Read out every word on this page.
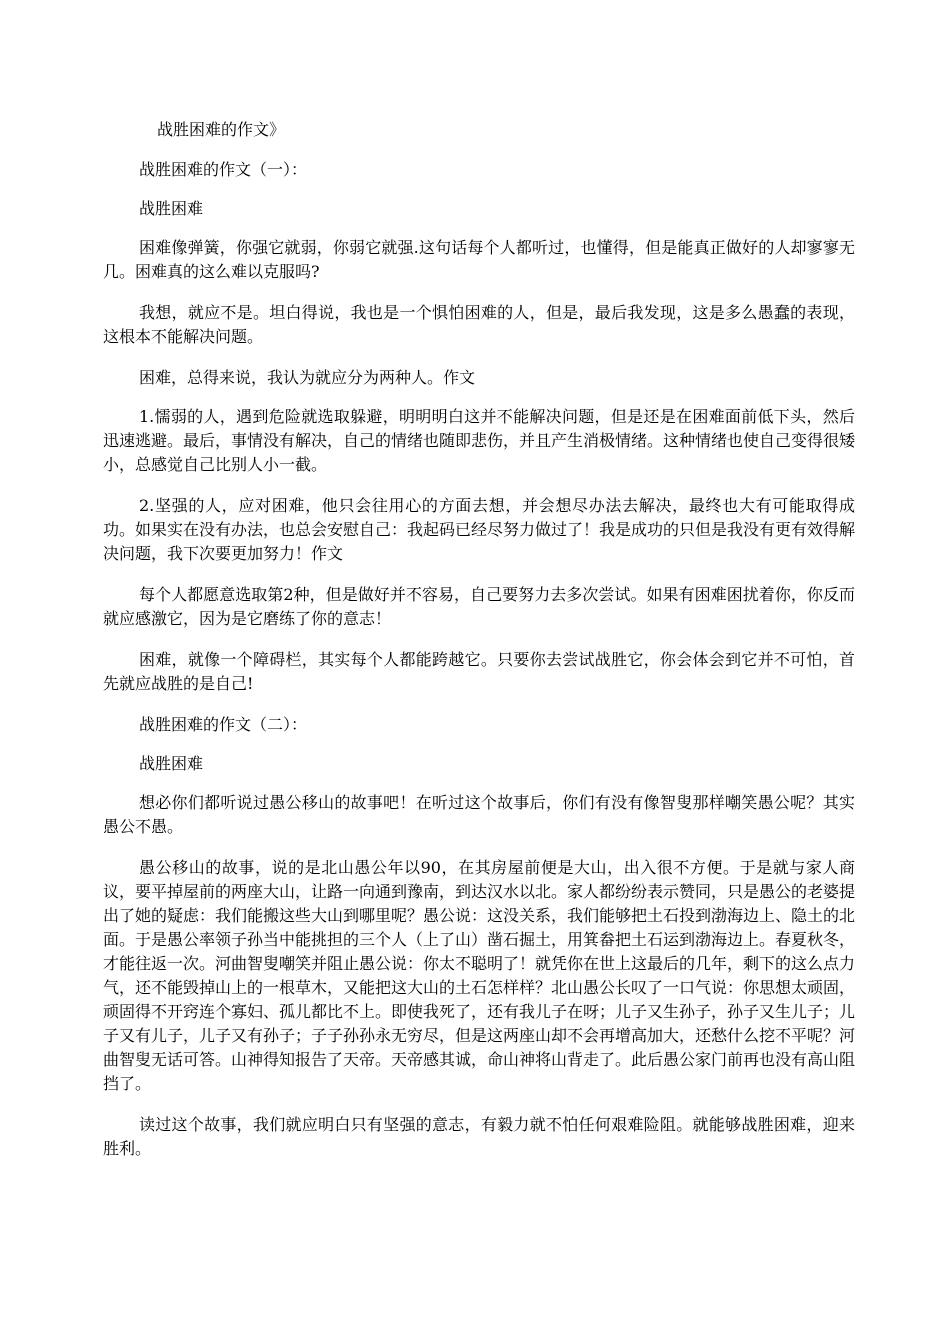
战胜困难的作文》
战胜困难的作文（一）：
战胜困难
困难像弹簧，你强它就弱，你弱它就强.这句话每个人都听过，也懂得，但是能真正做好的人却寥寥无几。困难真的这么难以克服吗?
我想，就应不是。坦白得说，我也是一个惧怕困难的人，但是，最后我发现，这是多么愚蠢的表现，这根本不能解决问题。
困难，总得来说，我认为就应分为两种人。作文
1.懦弱的人，遇到危险就选取躲避，明明明白这并不能解决问题，但是还是在困难面前低下头，然后迅速逃避。最后，事情没有解决，自己的情绪也随即悲伤，并且产生消极情绪。这种情绪也使自己变得很矮小，总感觉自己比别人小一截。
2.坚强的人，应对困难，他只会往用心的方面去想，并会想尽办法去解决，最终也大有可能取得成功。如果实在没有办法，也总会安慰自己：我起码已经尽努力做过了！我是成功的只但是我没有更有效得解决问题，我下次要更加努力！作文
每个人都愿意选取第2种，但是做好并不容易，自己要努力去多次尝试。如果有困难困扰着你，你反而就应感激它，因为是它磨练了你的意志！
困难，就像一个障碍栏，其实每个人都能跨越它。只要你去尝试战胜它，你会体会到它并不可怕，首先就应战胜的是自己!
战胜困难的作文（二）：
战胜困难
想必你们都听说过愚公移山的故事吧！在听过这个故事后，你们有没有像智叟那样嘲笑愚公呢？其实愚公不愚。
愚公移山的故事，说的是北山愚公年以90，在其房屋前便是大山，出入很不方便。于是就与家人商议，要平掉屋前的两座大山，让路一向通到豫南，到达汉水以北。家人都纷纷表示赞同，只是愚公的老婆提出了她的疑虑：我们能搬这些大山到哪里呢？愚公说：这没关系，我们能够把土石投到渤海边上、隐土的北面。于是愚公率领子孙当中能挑担的三个人（上了山）凿石掘土，用箕畚把土石运到渤海边上。春夏秋冬，才能往返一次。河曲智叟嘲笑并阻止愚公说：你太不聪明了！就凭你在世上这最后的几年，剩下的这么点力气，还不能毁掉山上的一根草木，又能把这大山的土石怎样样？北山愚公长叹了一口气说：你思想太顽固，顽固得不开窍连个寡妇、孤儿都比不上。即使我死了，还有我儿子在呀；儿子又生孙子，孙子又生儿子；儿子又有儿子，儿子又有孙子；子子孙孙永无穷尽，但是这两座山却不会再增高加大，还愁什么挖不平呢？河曲智叟无话可答。山神得知报告了天帝。天帝感其诚，命山神将山背走了。此后愚公家门前再也没有高山阻挡了。
读过这个故事，我们就应明白只有坚强的意志，有毅力就不怕任何艰难险阻。就能够战胜困难，迎来胜利。
